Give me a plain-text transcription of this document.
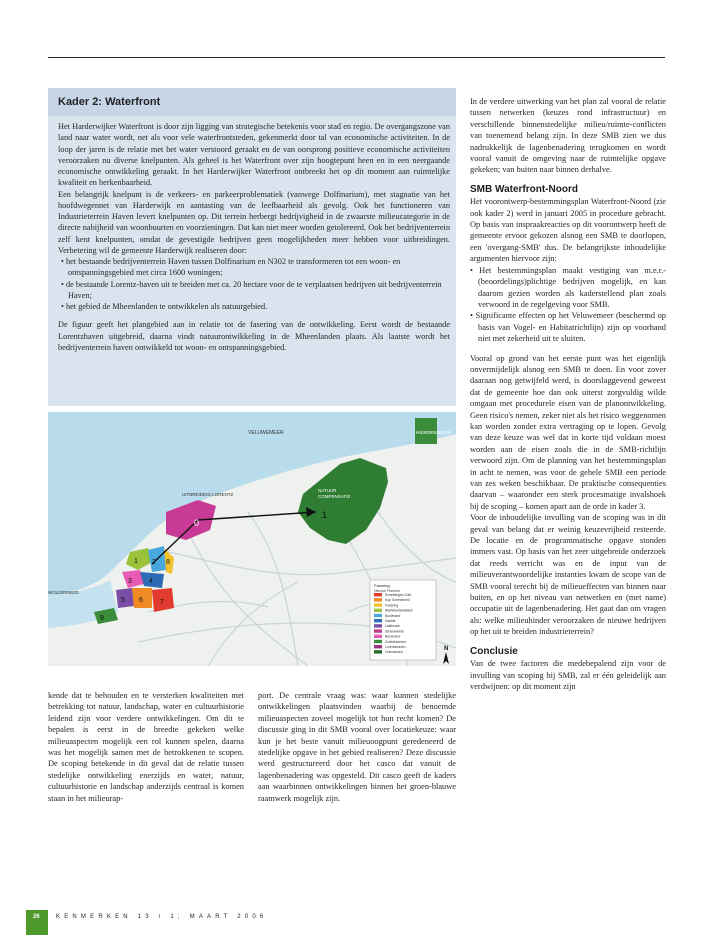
Kader 2: Waterfront

Het Harderwijker Waterfront is door zijn ligging van strategische betekenis voor stad en regio. De overgangszone van land naar water wordt, net als voor vele waterfrontsteden, gekenmerkt door tal van economische activiteiten. In de loop der jaren is de relatie met het water verstoord geraakt en de van oorsprong positieve economische activiteiten veroorzaken nu diverse knelpunten. Als geheel is het Waterfront over zijn hoogtepunt heen en in een neergaande economische ontwikkeling geraakt. In het Harderwijker Waterfront ontbreekt het op dit moment aan ruimtelijke kwaliteit en herkenbaarheid.

Een belangrijk knelpunt is de verkeers- en parkeerproblematiek (vanwege Dolfinarium), met stagnatie van het hoofdwegennet van Harderwijk en aantasting van de leefbaarheid als gevolg. Ook het functioneren van Industrieterrein Haven levert knelpunten op. Dit terrein herbergt bedrijvigheid in de zwaarste milieucategorie in de directe nabijheid van woonbuurten en voorzieningen. Dat kan niet meer worden getolereerd. Ook het bedrijventerrein zelf kent knelpunten, omdat de gevestigde bedrijven geen mogelijkheden meer hebben voor uitbreidingen. Verbetering wil de gemeente Harderwijk realiseren door:

• het bestaande bedrijventerrein Haven tussen Dolfinarium en N302 te transformeren tot een woon- en ontspanningsgebied met circa 1600 woningen;

• de bestaande Lorentz-haven uit te breiden met ca. 20 hectare voor de te verplaatsen bedrijven uit bedrijventerrein Haven;

• het gebied de Mheenlanden te ontwikkelen als natuurgebied.

De figuur geeft het plangebied aan in relatie tot de fasering van de ontwikkeling. Eerst wordt de bestaande Lorentzhaven uitgebreid, daarna vindt natuurontwikkeling in de Mheenlanden plaats. Als laatste wordt het bedrijventerrein haven ontwikkeld tot woon- en ontspanningsgebied.

VELUWEMEER	HIERDENSEBEE
UITBREIDING LORENTZ
NATUUR
COMPENSATIE
WOLDERWIJD
0
1
1 2 8
3 4
5 6 7
9
Fasering:
Nieuwe Plannen
Scheidingen Zuid
Kop Scheveneid
Fasering
Walhbuurtkwaliteit
Boulevard
Kaaide
Lakitmark
Strandweide
Boulevard
Goeblekerken
Lorentzhaven
Ontmanden
N

kende dat te behouden en te versterken kwaliteiten met betrekking tot natuur, landschap, water en cultuurhistorie leidend zijn voor verdere ontwikkelingen. Om dit te bepalen is eerst in de breedte gekeken welke milieuaspecten mogelijk een rol kunnen spelen, daarna was het mogelijk samen met de betrokkenen te scopen. De scoping betekende in dit geval dat de relatie tussen stedelijke ontwikkeling enerzijds en water, natuur, cultuurhistorie en landschap anderzijds centraal is komen staan in het milieurap-

port. De centrale vraag was: waar kunnen stedelijke ontwikkelingen plaatsvinden waarbij de benoemde milieuaspecten zoveel mogelijk tot hun recht komen? De discussie ging in dit SMB vooral over locatiekeuze: waar kun je het beste vanuit milieuoogpunt geredeneerd de stedelijke opgave in het gebied realiseren? Deze discussie werd gestructureerd door het casco dat vanuit de lagenbenadering was opgesteld. Dit casco geeft de kaders aan waarbinnen ontwikkelingen binnen het groen-blauwe raamwerk mogelijk zijn.

In de verdere uitwerking van het plan zal vooral de relatie tussen netwerken (keuzes rond infrastructuur) en verschillende binnenstedelijke milieu/ruimte-conflicten van toenemend belang zijn. In deze SMB zien we dus nadrukkelijk de lagenbenadering terugkomen en wordt vooral vanuit de omgeving naar de ruimtelijke opgave gekeken; van buiten naar binnen derhalve.

SMB Waterfront-Noord

Het voorontwerp-bestemmingsplan Waterfront-Noord (zie ook kader 2) werd in januari 2005 in procedure gebracht. Op basis van inspraakreacties op dit voorontwerp heeft de gemeente ervoor gekozen alsnog een SMB te doorlopen, een 'overgang-SMB' dus. De belangrijkste inhoudelijke argumenten hiervoor zijn:

• Het bestemmingsplan maakt vestiging van m.e.r.-(beoordelings)plichtige bedrijven mogelijk, en kan daarom gezien worden als kaderstellend plan zoals verwoord in de regelgeving voor SMB.

• Significante effecten op het Veluwemeer (beschermd op basis van Vogel- en Habitatrichtlijn) zijn op voorhand niet met zekerheid uit te sluiten.

Vooral op grond van het eerste punt was het eigenlijk onvermijdelijk alsnog een SMB te doen. En voor zover daaraan nog getwijfeld werd, is doorslaggevend geweest dat de gemeente hoe dan ook uiterst zorgvuldig wilde omgaan met procedurele eisen van de planontwikkeling. Geen risico's nemen, zeker niet als het risico weggenomen kan worden zonder extra vertraging op te lopen. Gevolg van deze keuze was wel dat in korte tijd voldaan moest worden aan de eisen zoals die in de SMB-richtlijn verwoord zijn. Om de planning van het bestemmingsplan in acht te nemen, was voor de gehele SMB een periode van zes weken beschikbaar. De praktische consequenties daarvan – waaronder een sterk procesmatige invalshoek bij de scoping – komen apart aan de orde in kader 3.

Voor de inhoudelijke invulling van de scoping was in dit geval van belang dat er weinig keuzevrijheid resteerde. De locatie en de programmatische opgave stonden immers vast. Op basis van het zeer uitgebreide onderzoek dat reeds verricht was en de input van de milieuverantwoordelijke instanties kwam de scope van de SMB vooral terecht bij de milieueffecten van binnen naar buiten, en op het niveau van netwerken en (met name) occupatie uit de lagenbenadering. Het gaat dan om vragen als: welke milieuhinder veroorzaken de nieuwe bedrijven op het uit te breiden industrieterrein?

Conclusie

Van de twee factoren die medebepalend zijn voor de invulling van scoping bij SMB, zal er één geleidelijk aan verdwijnen: op dit moment zijn

26	KENMERKEN 13 / 1; MAART 2006
